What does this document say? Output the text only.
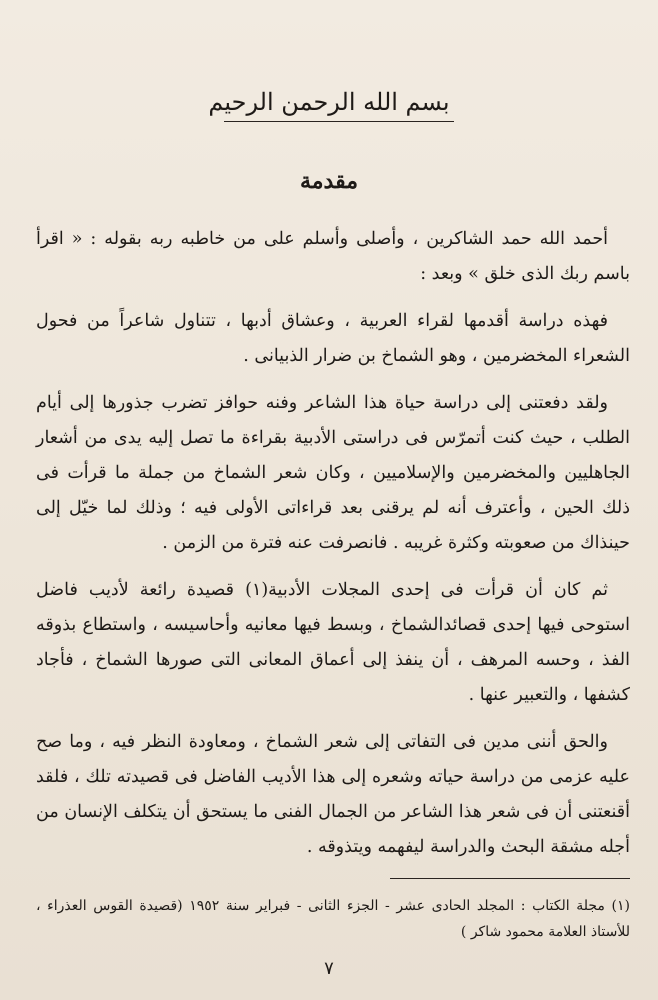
بسم الله الرحمن الرحيم
مقدمة

أحمد الله حمد الشاكرين ، وأصلى وأسلم على من خاطبه ربه بقوله : « اقرأ باسم ربك الذى خلق » وبعد :

فهذه دراسة أقدمها لقراء العربية ، وعشاق أدبها ، تتناول شاعراً من فحول الشعراء المخضرمين ، وهو الشماخ بن ضرار الذبيانى .

ولقد دفعتنى إلى دراسة حياة هذا الشاعر وفنه حوافز تضرب جذورها إلى أيام الطلب ، حيث كنت أتمرّس فى دراستى الأدبية بقراءة ما تصل إليه يدى من أشعار الجاهليين والمخضرمين والإسلاميين ، وكان شعر الشماخ من جملة ما قرأت فى ذلك الحين ، وأعترف أنه لم يرقنى بعد قراءاتى الأولى فيه ؛ وذلك لما خيّل إلى حينذاك من صعوبته وكثرة غريبه . فانصرفت عنه فترة من الزمن .

ثم كان أن قرأت فى إحدى المجلات الأدبية(١) قصيدة رائعة لأديب فاضل استوحى فيها إحدى قصائدالشماخ ، وبسط فيها معانيه وأحاسيسه ، واستطاع بذوقه الفذ ، وحسه المرهف ، أن ينفذ إلى أعماق المعانى التى صورها الشماخ ، فأجاد كشفها ، والتعبير عنها .

والحق أننى مدين فى التفاتى إلى شعر الشماخ ، ومعاودة النظر فيه ، وما صح عليه عزمى من دراسة حياته وشعره إلى هذا الأديب الفاضل فى قصيدته تلك ، فلقد أقنعتنى أن فى شعر هذا الشاعر من الجمال الفنى ما يستحق أن يتكلف الإنسان من أجله مشقة البحث والدراسة ليفهمه ويتذوقه .

(١) مجلة الكتاب : المجلد الحادى عشر - الجزء الثانى - فبراير سنة ١٩٥٢ (قصيدة القوس العذراء ، للأستاذ العلامة محمود شاكر )
٧
